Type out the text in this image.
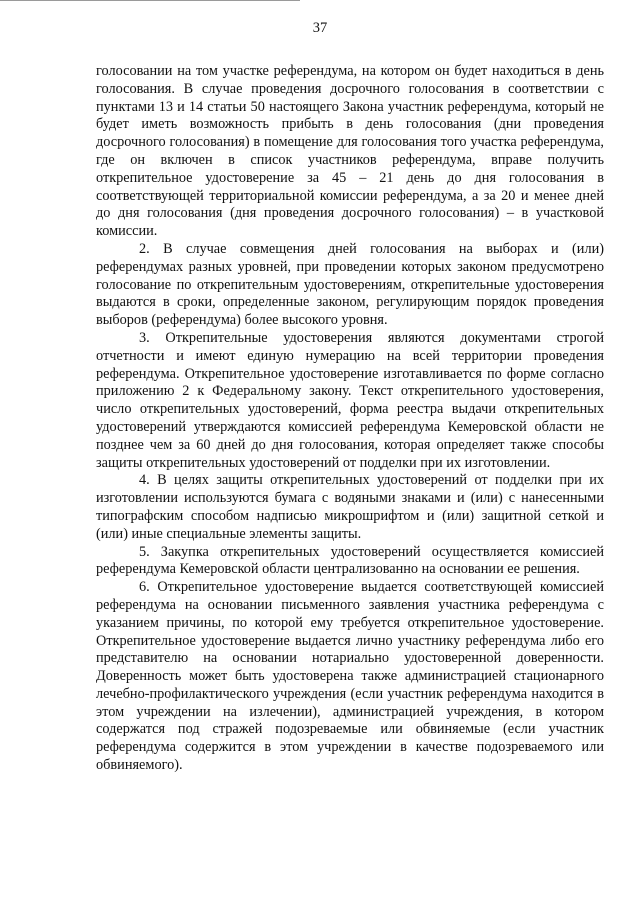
37

голосовании на том участке референдума, на котором он будет находиться в день голосования. В случае проведения досрочного голосования в соответствии с пунктами 13 и 14 статьи 50 настоящего Закона участник референдума, который не будет иметь возможность прибыть в день голосования (дни проведения досрочного голосования) в помещение для голосования того участка референдума, где он включен в список участников референдума, вправе получить открепительное удостоверение за 45 – 21 день до дня голосования в соответствующей территориальной комиссии референдума, а за 20 и менее дней до дня голосования (дня проведения досрочного голосования) – в участковой комиссии.

2. В случае совмещения дней голосования на выборах и (или) референдумах разных уровней, при проведении которых законом предусмотрено голосование по открепительным удостоверениям, открепительные удостоверения выдаются в сроки, определенные законом, регулирующим порядок проведения выборов (референдума) более высокого уровня.

3. Открепительные удостоверения являются документами строгой отчетности и имеют единую нумерацию на всей территории проведения референдума. Открепительное удостоверение изготавливается по форме согласно приложению 2 к Федеральному закону. Текст открепительного удостоверения, число открепительных удостоверений, форма реестра выдачи открепительных удостоверений утверждаются комиссией референдума Кемеровской области не позднее чем за 60 дней до дня голосования, которая определяет также способы защиты открепительных удостоверений от подделки при их изготовлении.

4. В целях защиты открепительных удостоверений от подделки при их изготовлении используются бумага с водяными знаками и (или) с нанесенными типографским способом надписью микрошрифтом и (или) защитной сеткой и (или) иные специальные элементы защиты.

5. Закупка открепительных удостоверений осуществляется комиссией референдума Кемеровской области централизованно на основании ее решения.

6. Открепительное удостоверение выдается соответствующей комиссией референдума на основании письменного заявления участника референдума с указанием причины, по которой ему требуется открепительное удостоверение. Открепительное удостоверение выдается лично участнику референдума либо его представителю на основании нотариально удостоверенной доверенности. Доверенность может быть удостоверена также администрацией стационарного лечебно-профилактического учреждения (если участник референдума находится в этом учреждении на излечении), администрацией учреждения, в котором содержатся под стражей подозреваемые или обвиняемые (если участник референдума содержится в этом учреждении в качестве подозреваемого или обвиняемого).
